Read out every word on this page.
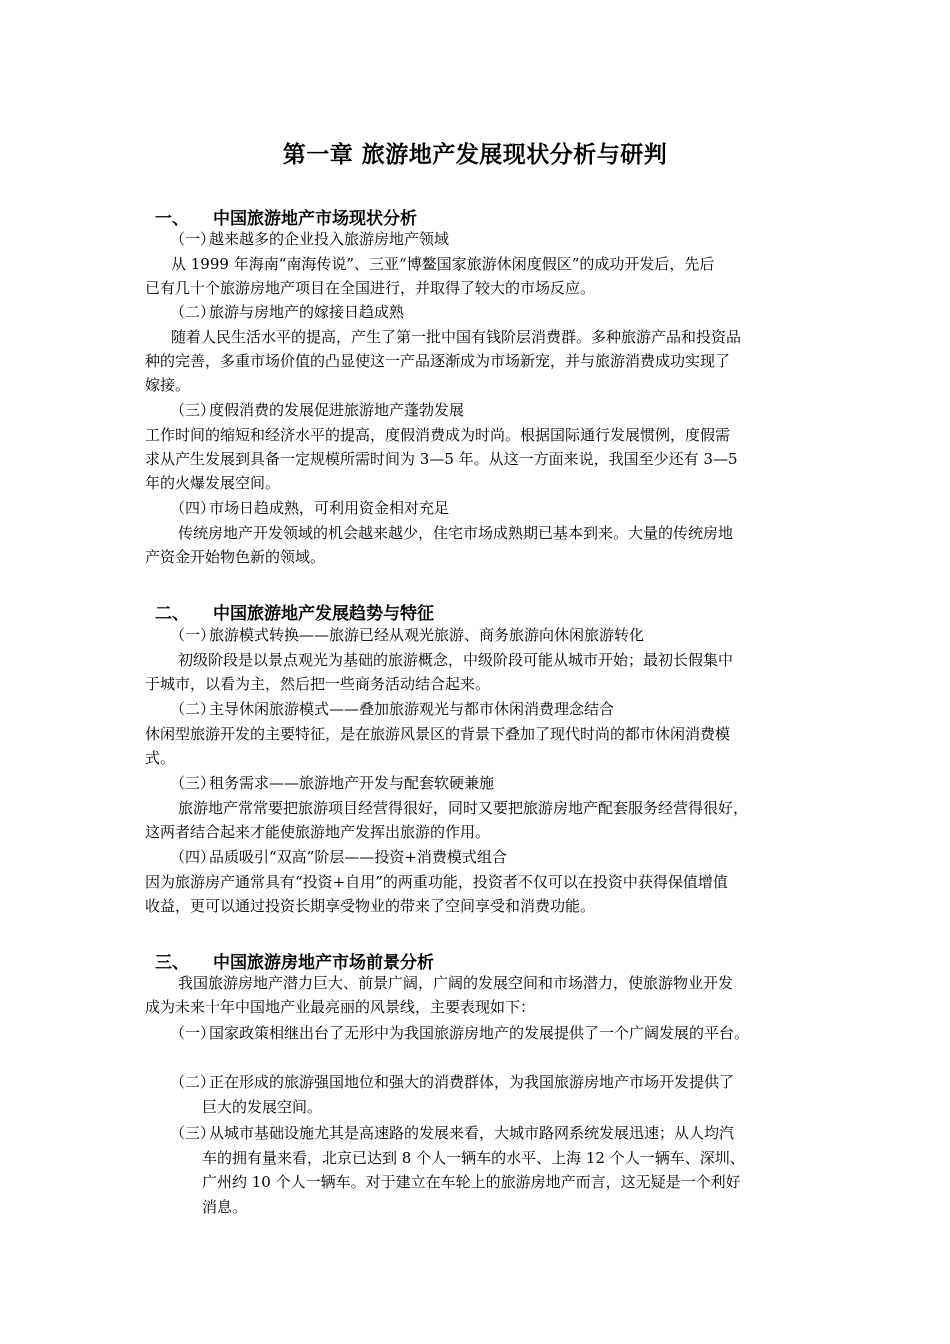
第一章 旅游地产发展现状分析与研判
一、 中国旅游地产市场现状分析
（一）
越来越多的企业投入旅游房地产领域
从 1999 年海南“南海传说”、三亚“博鳌国家旅游休闲度假区”的成功开发后，先后
已有几十个旅游房地产项目在全国进行，并取得了较大的市场反应。
（二）
旅游与房地产的嫁接日趋成熟
随着人民生活水平的提高，产生了第一批中国有钱阶层消费群。多种旅游产品和投资品
种的完善，多重市场价值的凸显使这一产品逐渐成为市场新宠，并与旅游消费成功实现了
嫁接。
（三）
度假消费的发展促进旅游地产蓬勃发展
工作时间的缩短和经济水平的提高，度假消费成为时尚。根据国际通行发展惯例，度假需
求从产生发展到具备一定规模所需时间为 3—5 年。从这一方面来说，我国至少还有 3—5
年的火爆发展空间。
（四）
市场日趋成熟，可利用资金相对充足
传统房地产开发领域的机会越来越少，住宅市场成熟期已基本到来。大量的传统房地
产资金开始物色新的领域。
二、 中国旅游地产发展趋势与特征
（一）
旅游模式转换——旅游已经从观光旅游、商务旅游向休闲旅游转化
初级阶段是以景点观光为基础的旅游概念，中级阶段可能从城市开始；最初长假集中
于城市，以看为主，然后把一些商务活动结合起来。
（二）
主导休闲旅游模式——叠加旅游观光与都市休闲消费理念结合
休闲型旅游开发的主要特征，是在旅游风景区的背景下叠加了现代时尚的都市休闲消费模
式。
（三）
租务需求——旅游地产开发与配套软硬兼施
旅游地产常常要把旅游项目经营得很好，同时又要把旅游房地产配套服务经营得很好，
这两者结合起来才能使旅游地产发挥出旅游的作用。
（四）
品质吸引“双高”阶层——投资+消费模式组合
因为旅游房产通常具有“投资+自用”的两重功能，投资者不仅可以在投资中获得保值增值
收益，更可以通过投资长期享受物业的带来了空间享受和消费功能。
三、 中国旅游房地产市场前景分析
我国旅游房地产潜力巨大、前景广阔，广阔的发展空间和市场潜力，使旅游物业开发
成为未来十年中国地产业最亮丽的风景线，主要表现如下：
（一）
国家政策相继出台了无形中为我国旅游房地产的发展提供了一个广阔发展的平台。
（二）
正在形成的旅游强国地位和强大的消费群体，为我国旅游房地产市场开发提供了
巨大的发展空间。
（三）
从城市基础设施尤其是高速路的发展来看，大城市路网系统发展迅速；从人均汽
车的拥有量来看，北京已达到 8 个人一辆车的水平、上海 12 个人一辆车、深圳、
广州约 10 个人一辆车。对于建立在车轮上的旅游房地产而言，这无疑是一个利好
消息。
